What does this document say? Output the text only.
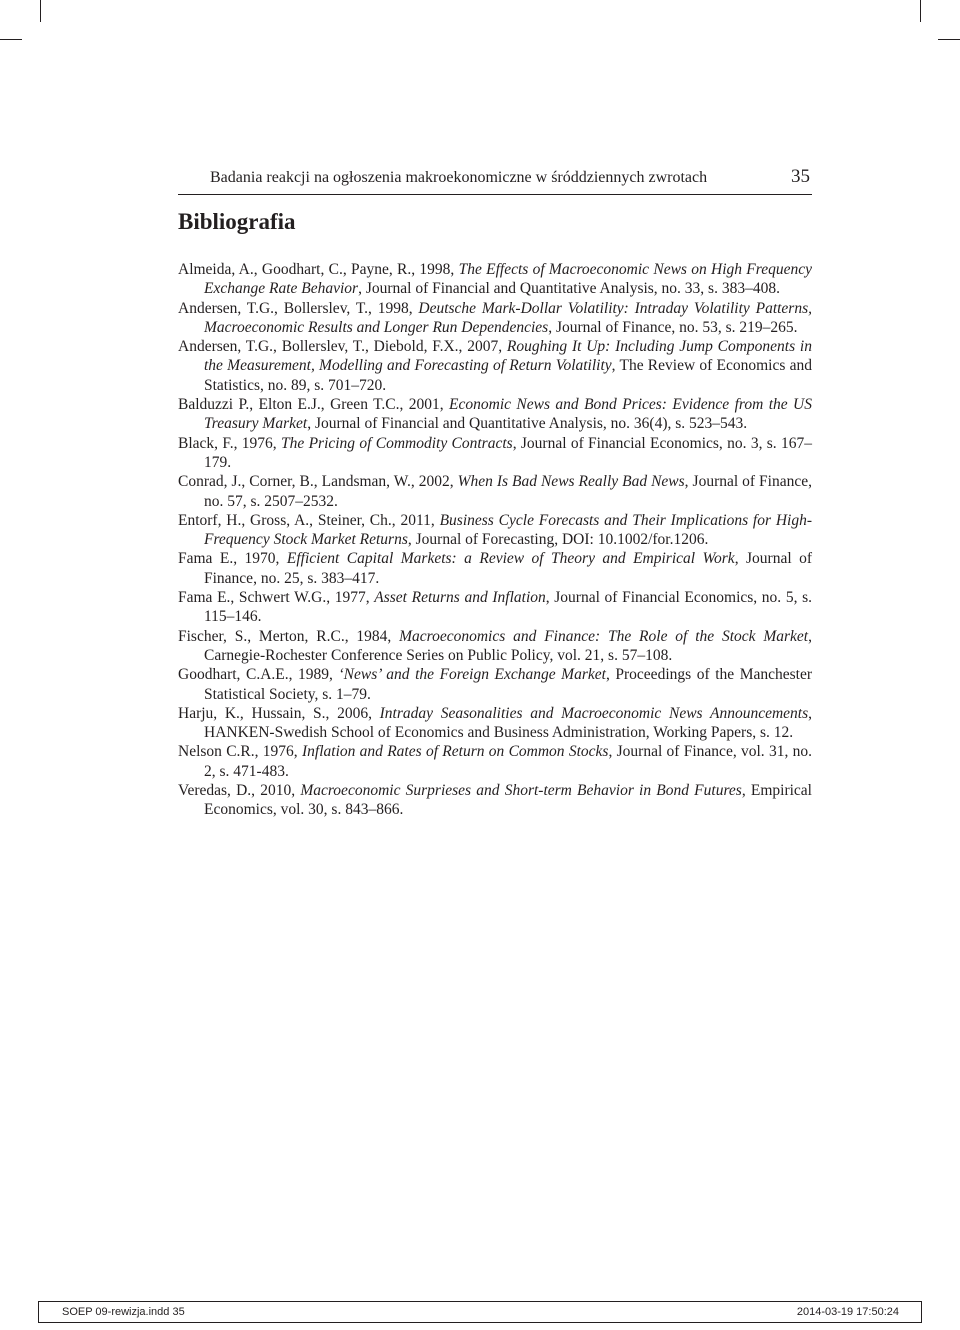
Badania reakcji na ogłoszenia makroekonomiczne w śróddziennych zwrotach	35
Bibliografia
Almeida, A., Goodhart, C., Payne, R., 1998, The Effects of Macroeconomic News on High Frequency Exchange Rate Behavior, Journal of Financial and Quantitative Analysis, no. 33, s. 383–408.
Andersen, T.G., Bollerslev, T., 1998, Deutsche Mark-Dollar Volatility: Intraday Volatility Patterns, Macroeconomic Results and Longer Run Dependencies, Journal of Finance, no. 53, s. 219–265.
Andersen, T.G., Bollerslev, T., Diebold, F.X., 2007, Roughing It Up: Including Jump Components in the Measurement, Modelling and Forecasting of Return Volatility, The Review of Economics and Statistics, no. 89, s. 701–720.
Balduzzi P., Elton E.J., Green T.C., 2001, Economic News and Bond Prices: Evidence from the US Treasury Market, Journal of Financial and Quantitative Analysis, no. 36(4), s. 523–543.
Black, F., 1976, The Pricing of Commodity Contracts, Journal of Financial Economics, no. 3, s. 167–179.
Conrad, J., Corner, B., Landsman, W., 2002, When Is Bad News Really Bad News, Journal of Finance, no. 57, s. 2507–2532.
Entorf, H., Gross, A., Steiner, Ch., 2011, Business Cycle Forecasts and Their Implications for High-Frequency Stock Market Returns, Journal of Forecasting, DOI: 10.1002/for.1206.
Fama E., 1970, Efficient Capital Markets: a Review of Theory and Empirical Work, Journal of Finance, no. 25, s. 383–417.
Fama E., Schwert W.G., 1977, Asset Returns and Inflation, Journal of Financial Economics, no. 5, s. 115–146.
Fischer, S., Merton, R.C., 1984, Macroeconomics and Finance: The Role of the Stock Market, Carnegie-Rochester Conference Series on Public Policy, vol. 21, s. 57–108.
Goodhart, C.A.E., 1989, ‘News’ and the Foreign Exchange Market, Proceedings of the Manchester Statistical Society, s. 1–79.
Harju, K., Hussain, S., 2006, Intraday Seasonalities and Macroeconomic News Announcements, HANKEN-Swedish School of Economics and Business Administration, Working Papers, s. 12.
Nelson C.R., 1976, Inflation and Rates of Return on Common Stocks, Journal of Finance, vol. 31, no. 2, s. 471-483.
Veredas, D., 2010, Macroeconomic Surprieses and Short-term Behavior in Bond Futures, Empirical Economics, vol. 30, s. 843–866.
SOEP 09-rewizja.indd 35	2014-03-19 17:50:24
